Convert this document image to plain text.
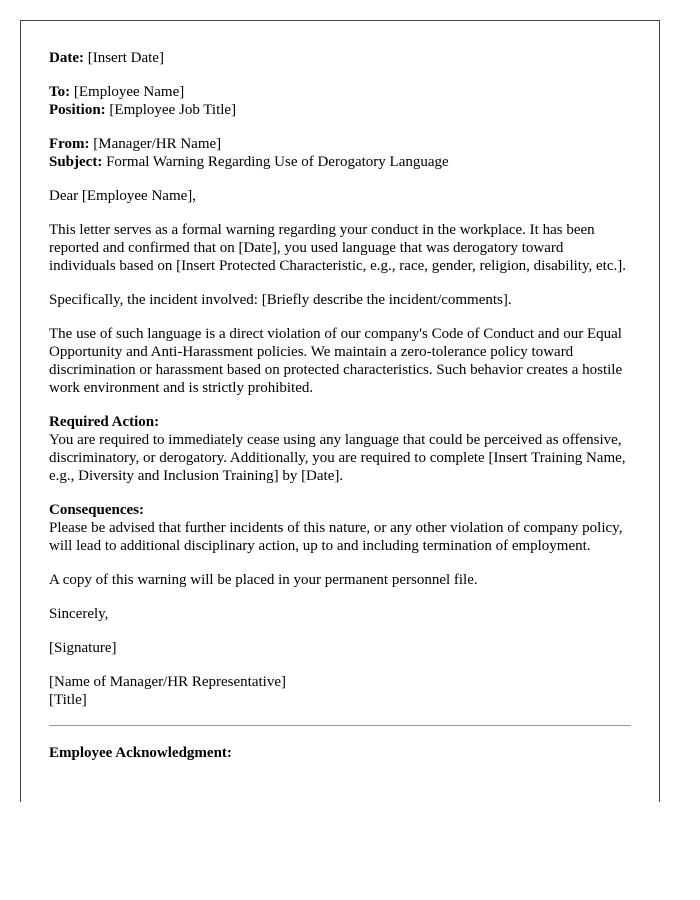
Date: [Insert Date]

To: [Employee Name]
Position: [Employee Job Title]

From: [Manager/HR Name]
Subject: Formal Warning Regarding Use of Derogatory Language

Dear [Employee Name],

This letter serves as a formal warning regarding your conduct in the workplace. It has been reported and confirmed that on [Date], you used language that was derogatory toward individuals based on [Insert Protected Characteristic, e.g., race, gender, religion, disability, etc.].

Specifically, the incident involved: [Briefly describe the incident/comments].

The use of such language is a direct violation of our company's Code of Conduct and our Equal Opportunity and Anti-Harassment policies. We maintain a zero-tolerance policy toward discrimination or harassment based on protected characteristics. Such behavior creates a hostile work environment and is strictly prohibited.

Required Action:
You are required to immediately cease using any language that could be perceived as offensive, discriminatory, or derogatory. Additionally, you are required to complete [Insert Training Name, e.g., Diversity and Inclusion Training] by [Date].

Consequences:
Please be advised that further incidents of this nature, or any other violation of company policy, will lead to additional disciplinary action, up to and including termination of employment.

A copy of this warning will be placed in your permanent personnel file.

Sincerely,

[Signature]

[Name of Manager/HR Representative]
[Title]

Employee Acknowledgment:
